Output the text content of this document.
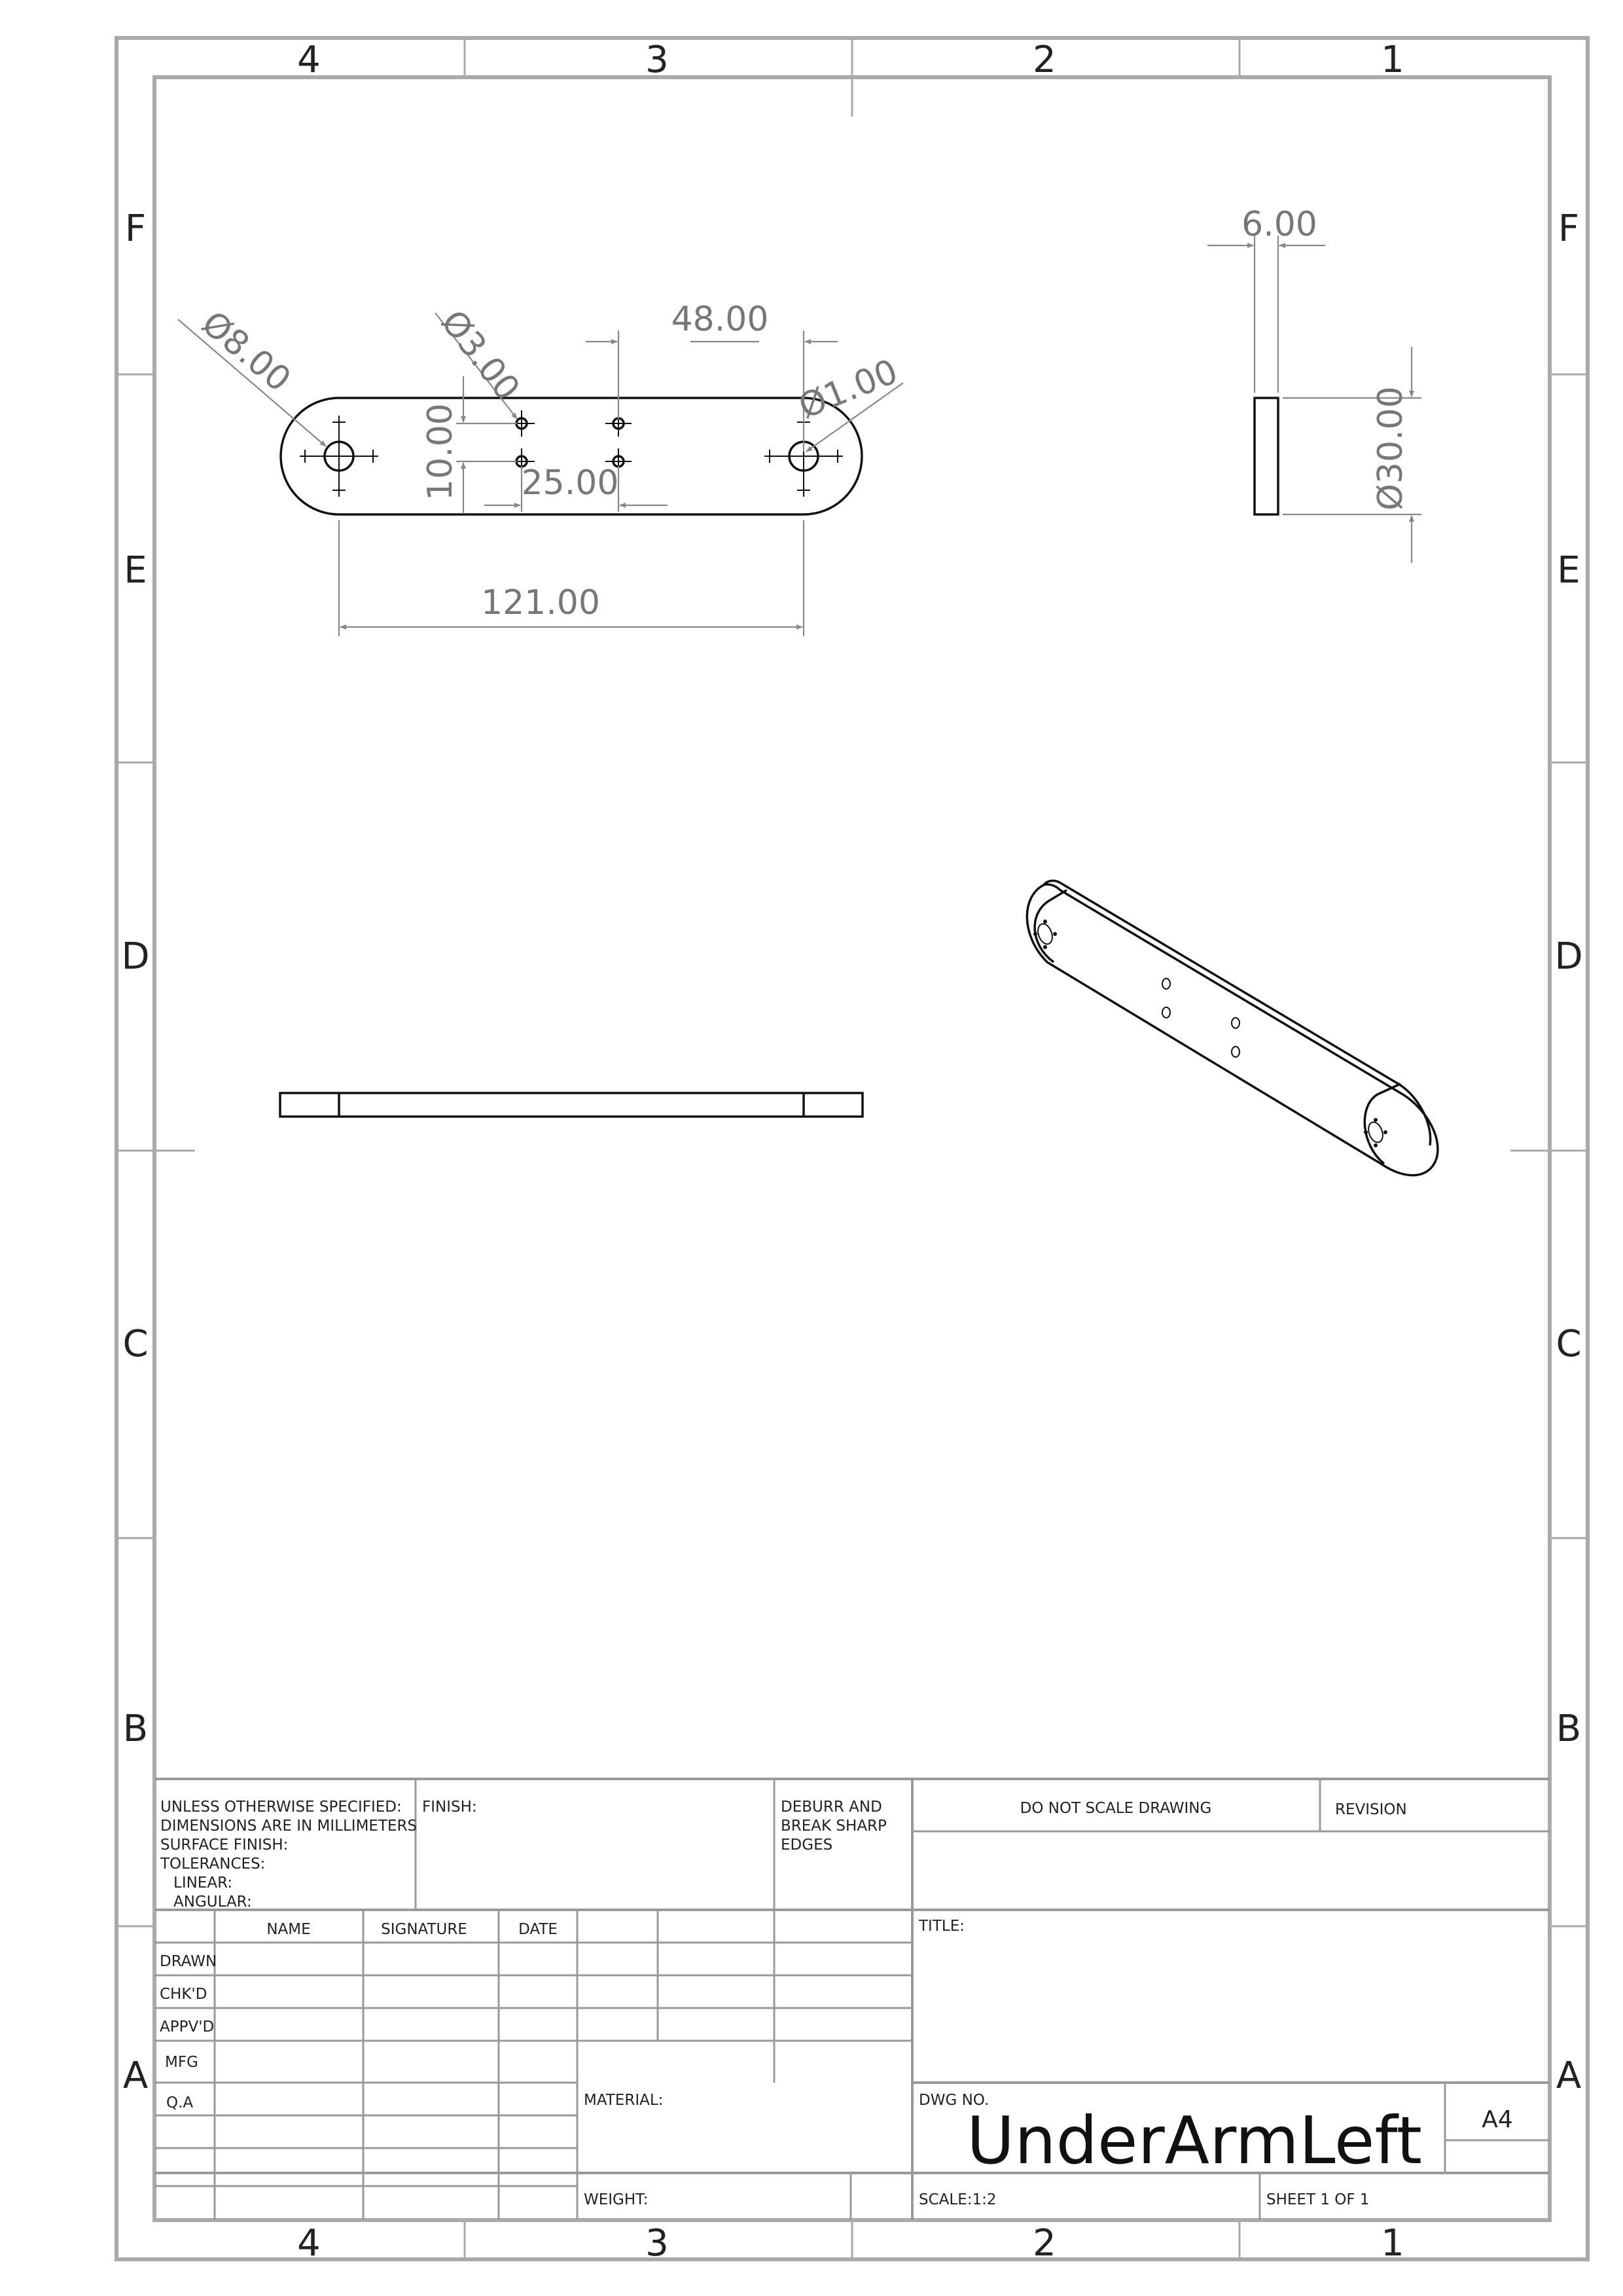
4	3	2	1
4	3	2	1
F
E
D
C
B
A
F
E
D
C
B
A
Ø8.00	Ø3.00	48.00
Ø1.00
10.00 25.00
121.00
6.00
Ø30.00
UNLESS OTHERWISE SPECIFIED:
DIMENSIONS ARE IN MILLIMETERS
SURFACE FINISH:
TOLERANCES:
LINEAR:
ANGULAR:
FINISH:	DEBURR AND
BREAK SHARP
EDGES
DO NOT SCALE DRAWING	REVISION
NAME	SIGNATURE	DATE
DRAWN
CHK'D
APPV'D
MFG
Q.A
TITLE:
MATERIAL:
WEIGHT:
DWG NO.
UnderArmLeft	A4
SCALE:1:2	SHEET 1 OF 1
